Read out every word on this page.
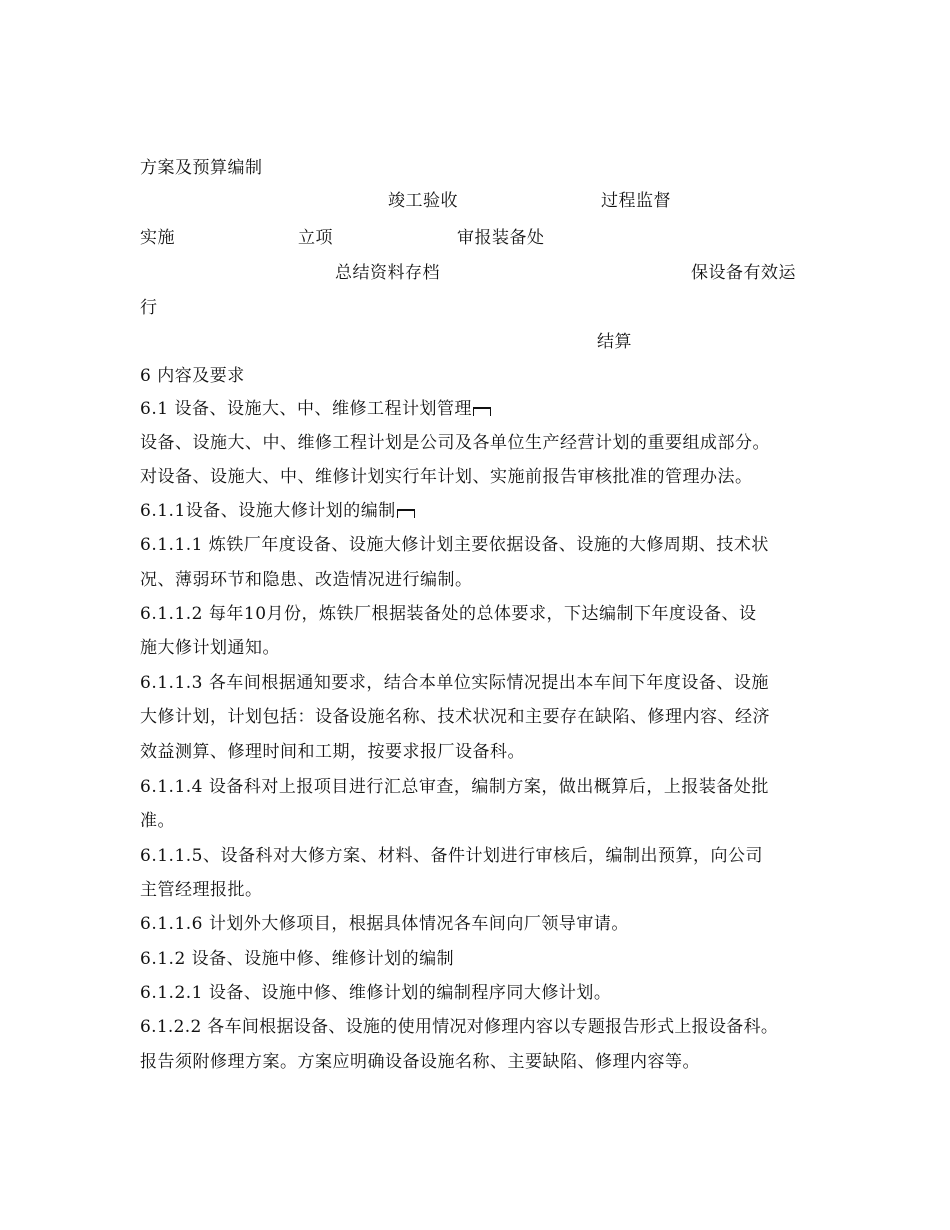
方案及预算编制
竣工验收	过程监督
实施	立项	审报装备处
总结资料存档	保设备有效运
行
结算
6 内容及要求
6.1 设备、设施大、中、维修工程计划管理
设备、设施大、中、维修工程计划是公司及各单位生产经营计划的重要组成部分。
对设备、设施大、中、维修计划实行年计划、实施前报告审核批准的管理办法。
6.1.1设备、设施大修计划的编制
6.1.1.1 炼铁厂年度设备、设施大修计划主要依据设备、设施的大修周期、技术状
况、薄弱环节和隐患、改造情况进行编制。
6.1.1.2 每年10月份，炼铁厂根据装备处的总体要求，下达编制下年度设备、设
施大修计划通知。
6.1.1.3 各车间根据通知要求，结合本单位实际情况提出本车间下年度设备、设施
大修计划，计划包括：设备设施名称、技术状况和主要存在缺陷、修理内容、经济
效益测算、修理时间和工期，按要求报厂设备科。
6.1.1.4 设备科对上报项目进行汇总审查，编制方案，做出概算后，上报装备处批
准。
6.1.1.5、设备科对大修方案、材料、备件计划进行审核后，编制出预算，向公司
主管经理报批。
6.1.1.6 计划外大修项目，根据具体情况各车间向厂领导审请。
6.1.2 设备、设施中修、维修计划的编制
6.1.2.1 设备、设施中修、维修计划的编制程序同大修计划。
6.1.2.2 各车间根据设备、设施的使用情况对修理内容以专题报告形式上报设备科。
报告须附修理方案。方案应明确设备设施名称、主要缺陷、修理内容等。
